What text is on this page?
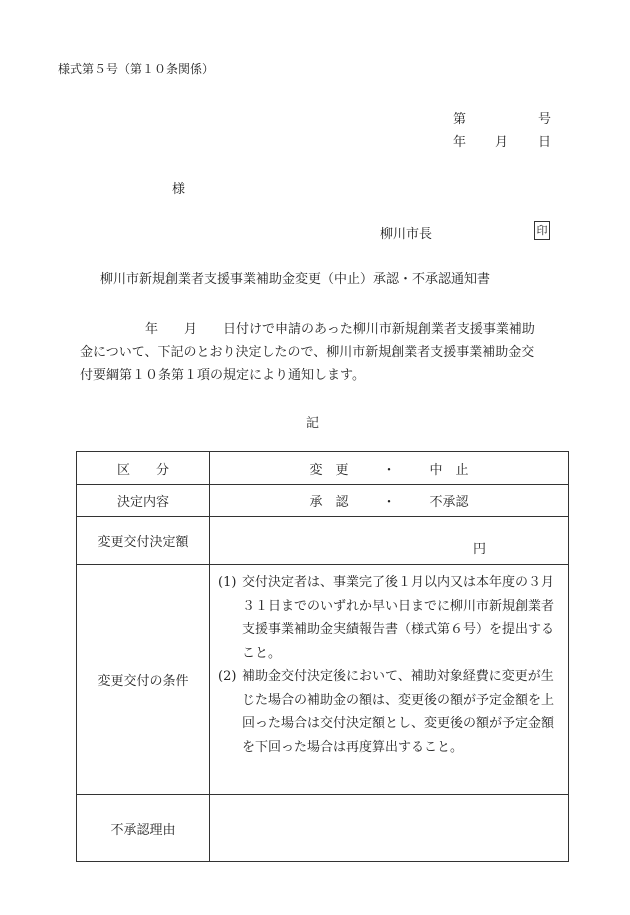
様式第５号（第１０条関係）
第	号
年 月 日
様
柳川市長	印
柳川市新規創業者支援事業補助金変更（中止）承認・不承認通知書
　　　　　年　　月　　日付けで申請のあった柳川市新規創業者支援事業補助
金について、下記のとおり決定したので、柳川市新規創業者支援事業補助金交
付要綱第１０条第１項の規定により通知します。
記
区　　分	変　更 ・ 中　止

決定内容	承　認 ・ 不承認

変更交付決定額	円
変更交付の条件	(1) 交付決定者は、事業完了後１月以内又は本年度の３月３１日までのいずれか早い日までに柳川市新規創業者支援事業補助金実績報告書（様式第６号）を提出すること。
(2) 補助金交付決定後において、補助対象経費に変更が生じた場合の補助金の額は、変更後の額が予定金額を上回った場合は交付決定額とし、変更後の額が予定金額を下回った場合は再度算出すること。

不承認理由	
